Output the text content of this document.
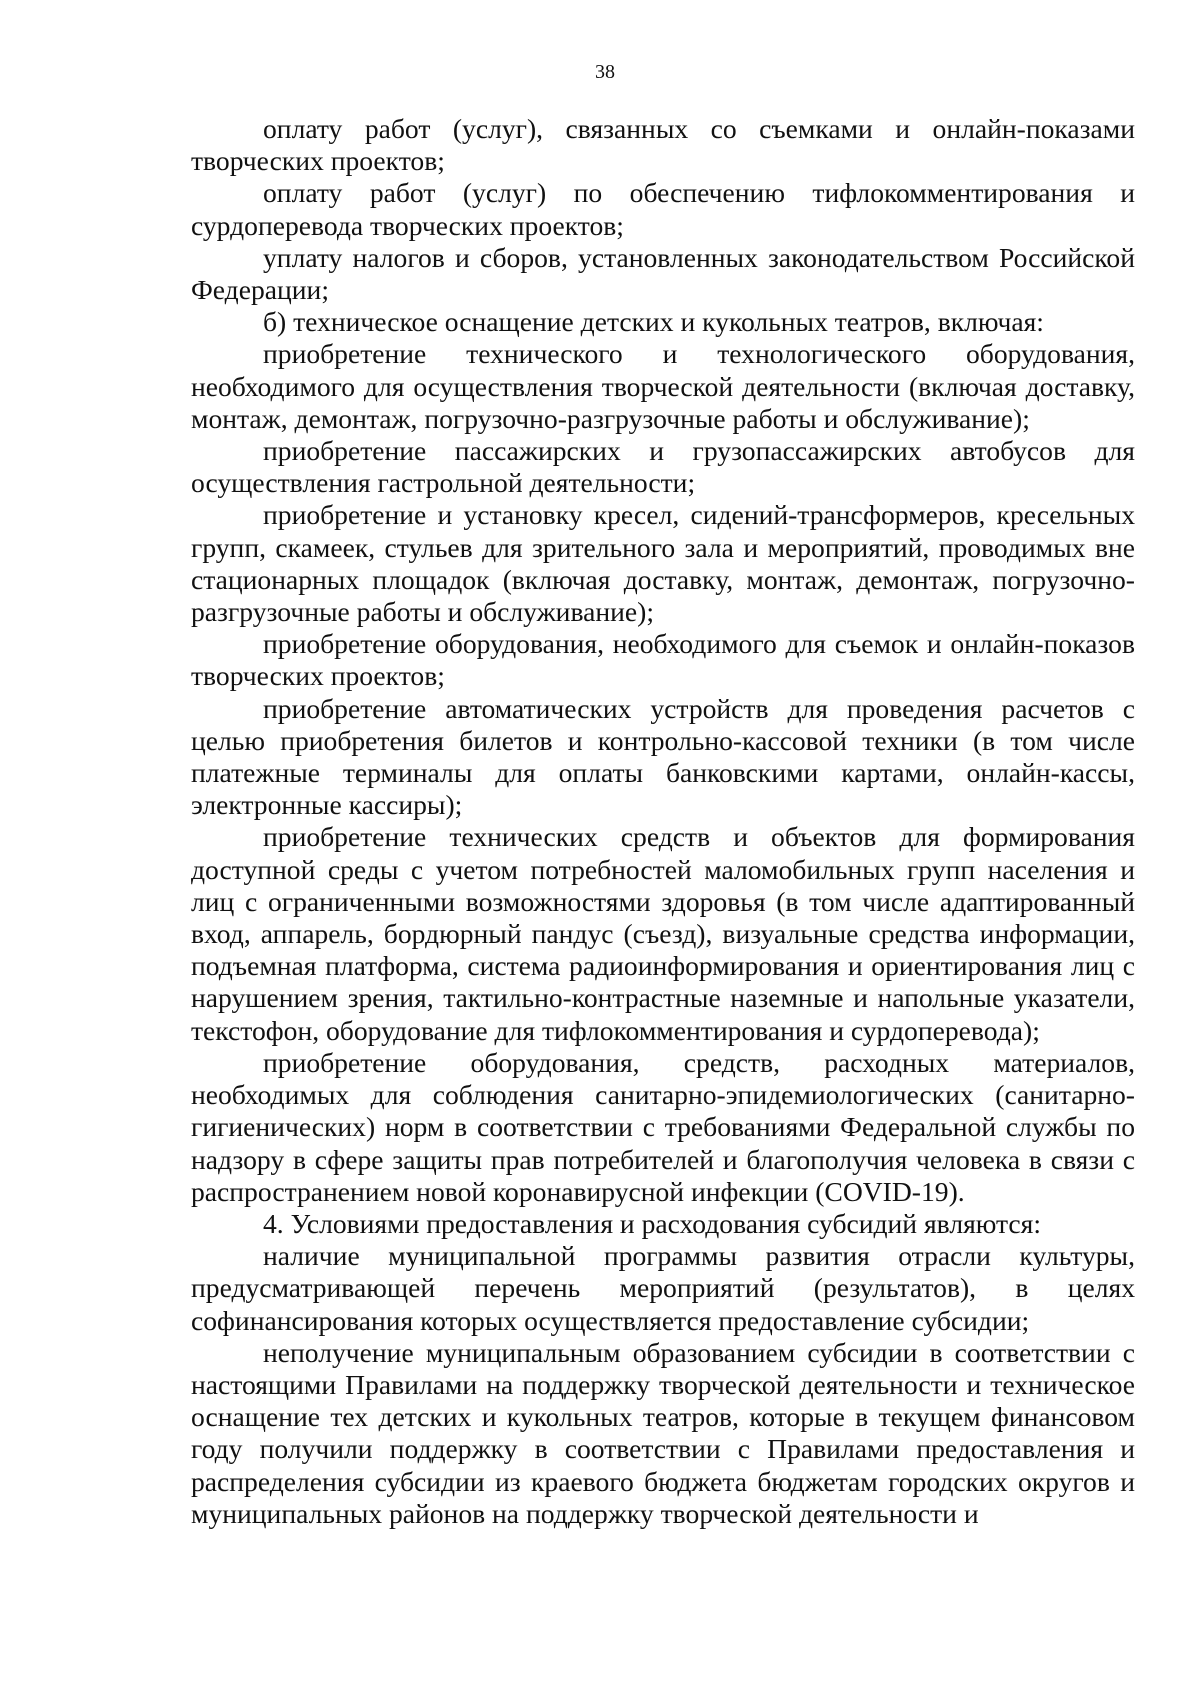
38

оплату работ (услуг), связанных со съемками и онлайн-показами творческих проектов;

оплату работ (услуг) по обеспечению тифлокомментирования и сурдоперевода творческих проектов;

уплату налогов и сборов, установленных законодательством Российской Федерации;

б) техническое оснащение детских и кукольных театров, включая:

приобретение технического и технологического оборудования, необходимого для осуществления творческой деятельности (включая доставку, монтаж, демонтаж, погрузочно-разгрузочные работы и обслуживание);

приобретение пассажирских и грузопассажирских автобусов для осуществления гастрольной деятельности;

приобретение и установку кресел, сидений-трансформеров, кресельных групп, скамеек, стульев для зрительного зала и мероприятий, проводимых вне стационарных площадок (включая доставку, монтаж, демонтаж, погрузочно-разгрузочные работы и обслуживание);

приобретение оборудования, необходимого для съемок и онлайн-показов творческих проектов;

приобретение автоматических устройств для проведения расчетов с целью приобретения билетов и контрольно-кассовой техники (в том числе платежные терминалы для оплаты банковскими картами, онлайн-кассы, электронные кассиры);

приобретение технических средств и объектов для формирования доступной среды с учетом потребностей маломобильных групп населения и лиц с ограниченными возможностями здоровья (в том числе адаптированный вход, аппарель, бордюрный пандус (съезд), визуальные средства информации, подъемная платформа, система радиоинформирования и ориентирования лиц с нарушением зрения, тактильно-контрастные наземные и напольные указатели, текстофон, оборудование для тифлокомментирования и сурдоперевода);

приобретение оборудования, средств, расходных материалов, необходимых для соблюдения санитарно-эпидемиологических (санитарно-гигиенических) норм в соответствии с требованиями Федеральной службы по надзору в сфере защиты прав потребителей и благополучия человека в связи с распространением новой коронавирусной инфекции (COVID-19).

4. Условиями предоставления и расходования субсидий являются:

наличие муниципальной программы развития отрасли культуры, предусматривающей перечень мероприятий (результатов), в целях софинансирования которых осуществляется предоставление субсидии;

неполучение муниципальным образованием субсидии в соответствии с настоящими Правилами на поддержку творческой деятельности и техническое оснащение тех детских и кукольных театров, которые в текущем финансовом году получили поддержку в соответствии с Правилами предоставления и распределения субсидии из краевого бюджета бюджетам городских округов и муниципальных районов на поддержку творческой деятельности и
